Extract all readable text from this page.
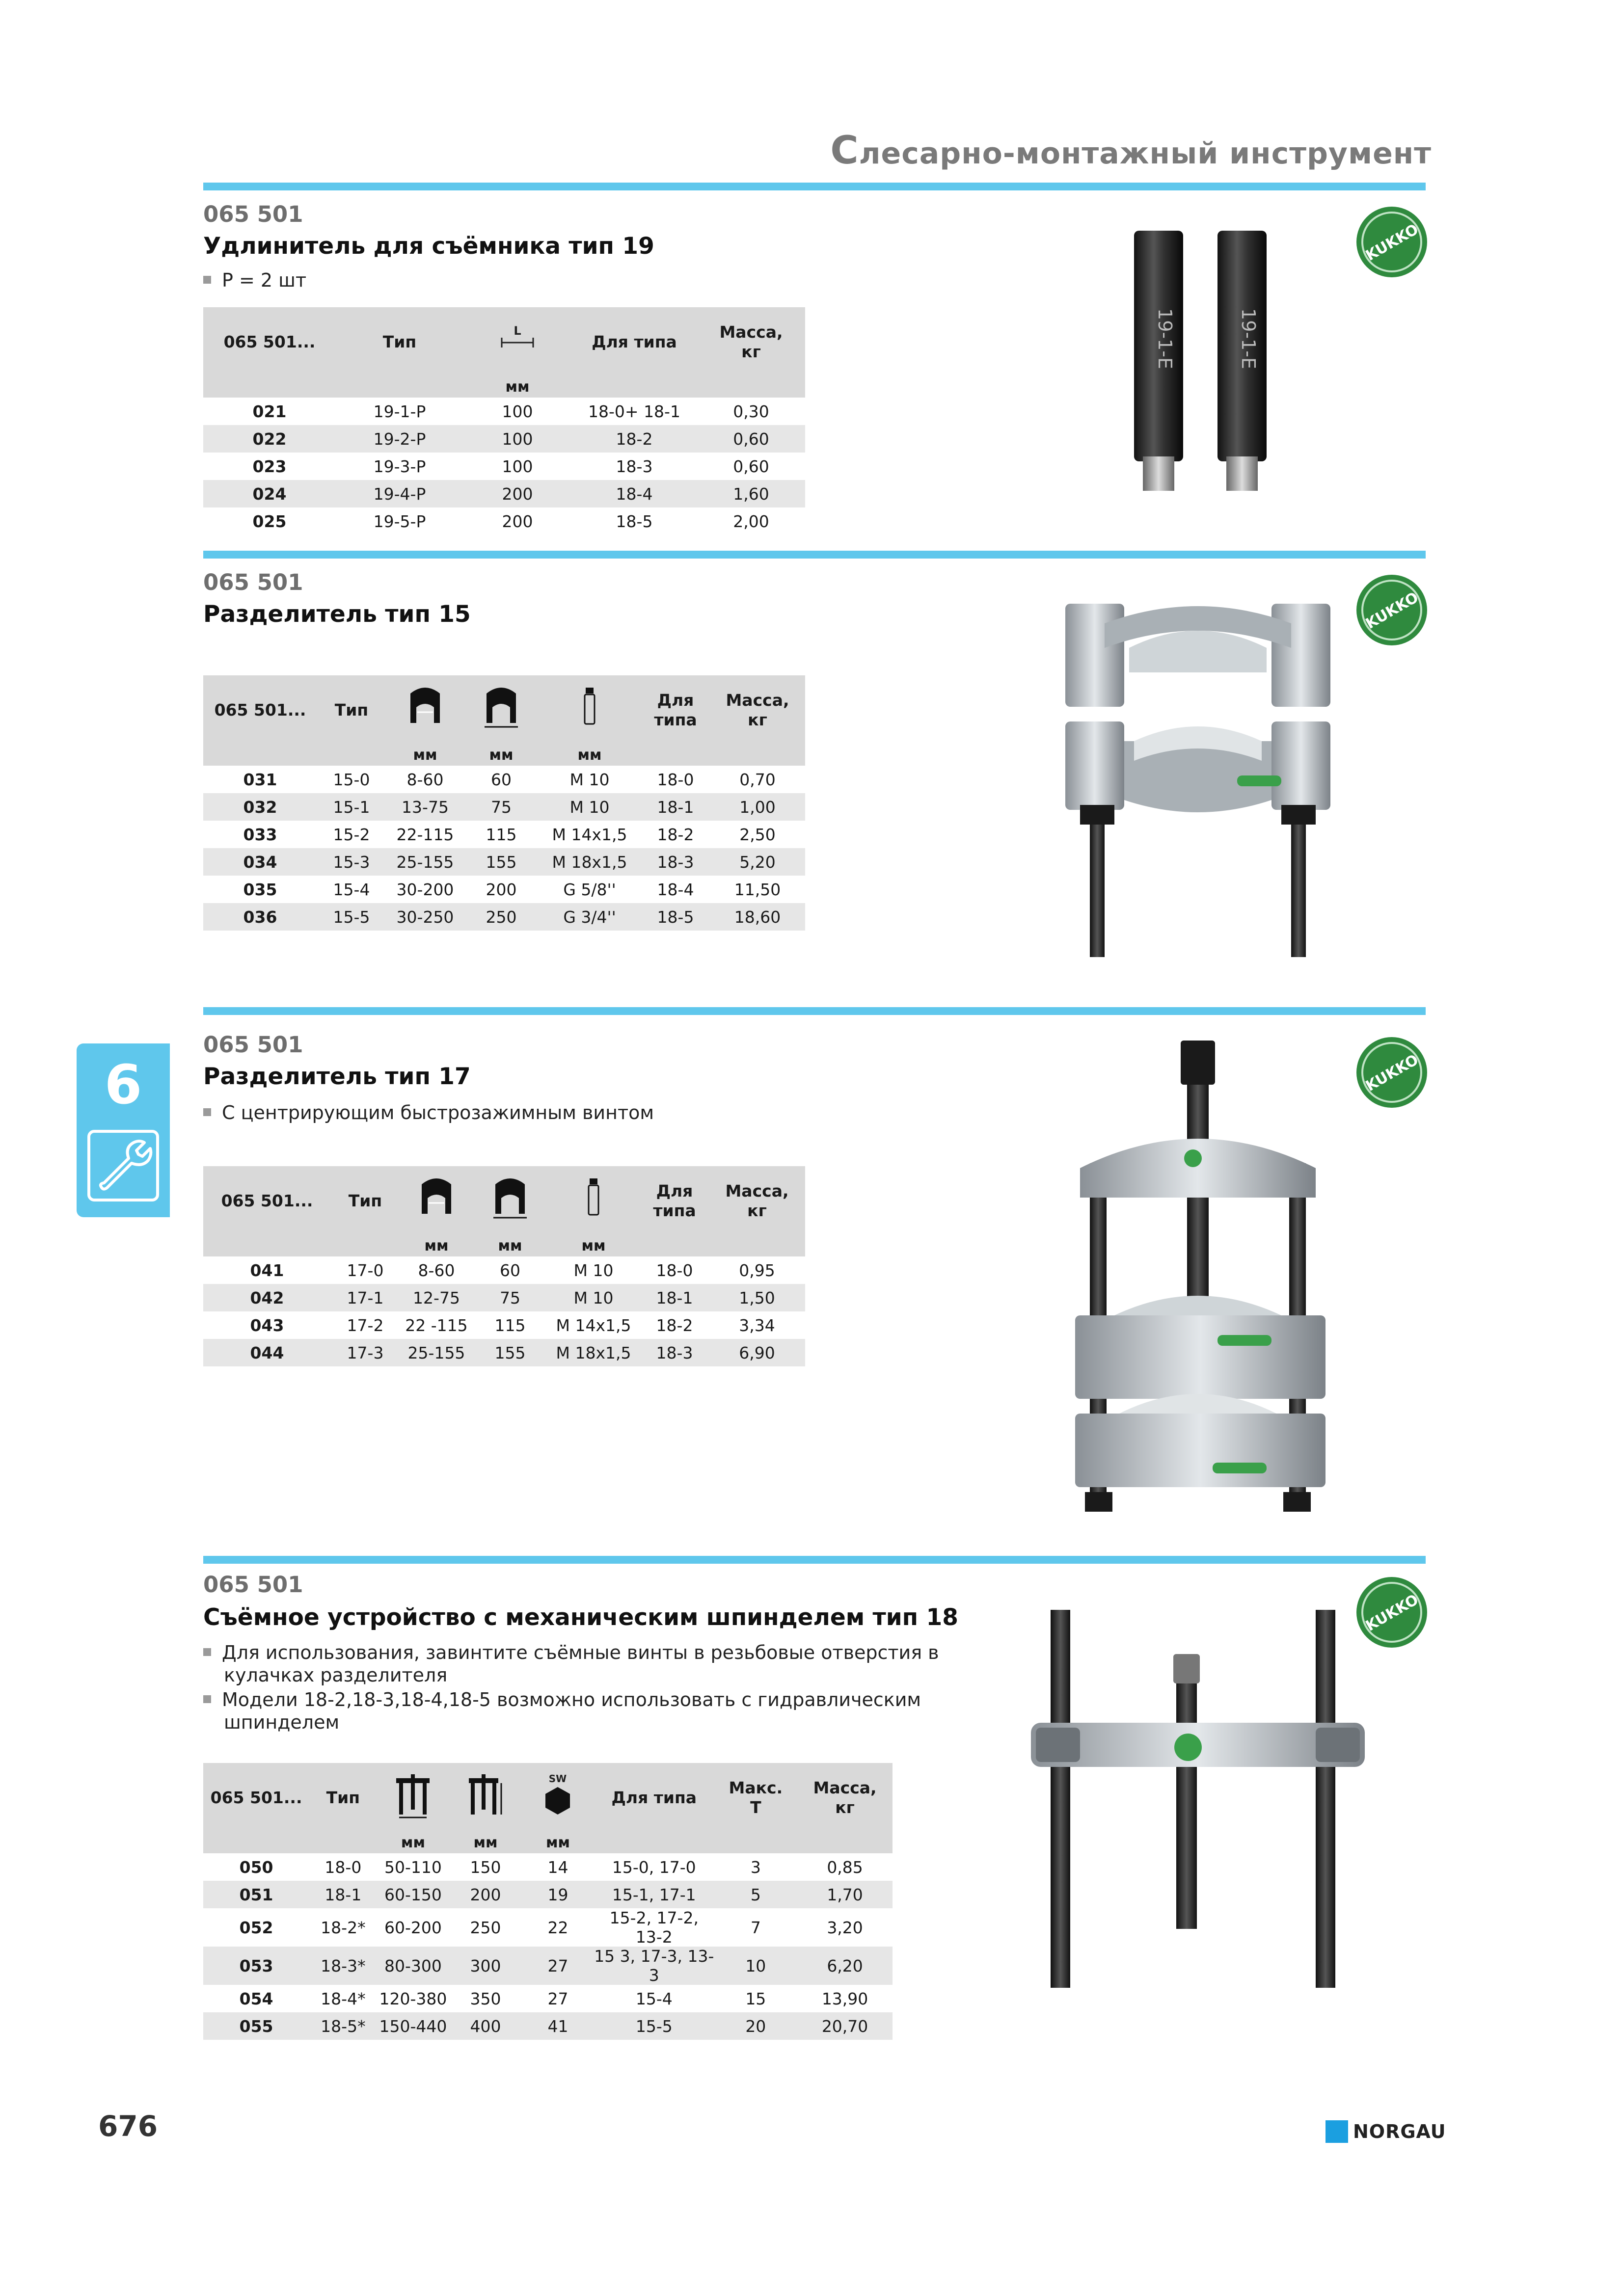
Слесарно-монтажный инструмент
065 501
Удлинитель для съёмника тип 19
P = 2 шт
065 501...	Тип	L	Для типа	Масса, кг
		мм		
021	19-1-P	100	18-0+ 18-1	0,30
022	19-2-P	100	18-2	0,60
023	19-3-P	100	18-3	0,60
024	19-4-P	200	18-4	1,60
025	19-5-P	200	18-5	2,00
19-1-E	19-1-E
KUKKO
065 501
Разделитель тип 15
065 501...	Тип				Для типа	Масса, кг
		мм	мм	мм		
031	15-0	8-60	60	M 10	18-0	0,70
032	15-1	13-75	75	M 10	18-1	1,00
033	15-2	22-115	115	M 14x1,5	18-2	2,50
034	15-3	25-155	155	M 18x1,5	18-3	5,20
035	15-4	30-200	200	G 5/8''	18-4	11,50
036	15-5	30-250	250	G 3/4''	18-5	18,60
KUKKO
065 501
Разделитель тип 17
С центрирующим быстрозажимным винтом
065 501...	Тип				Для типа	Масса, кг
		мм	мм	мм		
041	17-0	8-60	60	M 10	18-0	0,95
042	17-1	12-75	75	M 10	18-1	1,50
043	17-2	22 -115	115	M 14x1,5	18-2	3,34
044	17-3	25-155	155	M 18x1,5	18-3	6,90
KUKKO
065 501
Съёмное устройство с механическим шпинделем тип 18
Для использования, завинтите съёмные винты в резьбовые отверстия в
кулачках разделителя
Модели 18-2,18-3,18-4,18-5 возможно использовать с гидравлическим
шпинделем
065 501...	Тип			SW	Для типа	Макс. Т	Масса, кг
		мм	мм	мм			
050	18-0	50-110	150	14	15-0, 17-0	3	0,85
051	18-1	60-150	200	19	15-1, 17-1	5	1,70
052	18-2*	60-200	250	22	15-2, 17-2, 13-2	7	3,20
053	18-3*	80-300	300	27	15 3, 17-3, 13-3	10	6,20
054	18-4*	120-380	350	27	15-4	15	13,90
055	18-5*	150-440	400	41	15-5	20	20,70
KUKKO
6
676	NORGAU
